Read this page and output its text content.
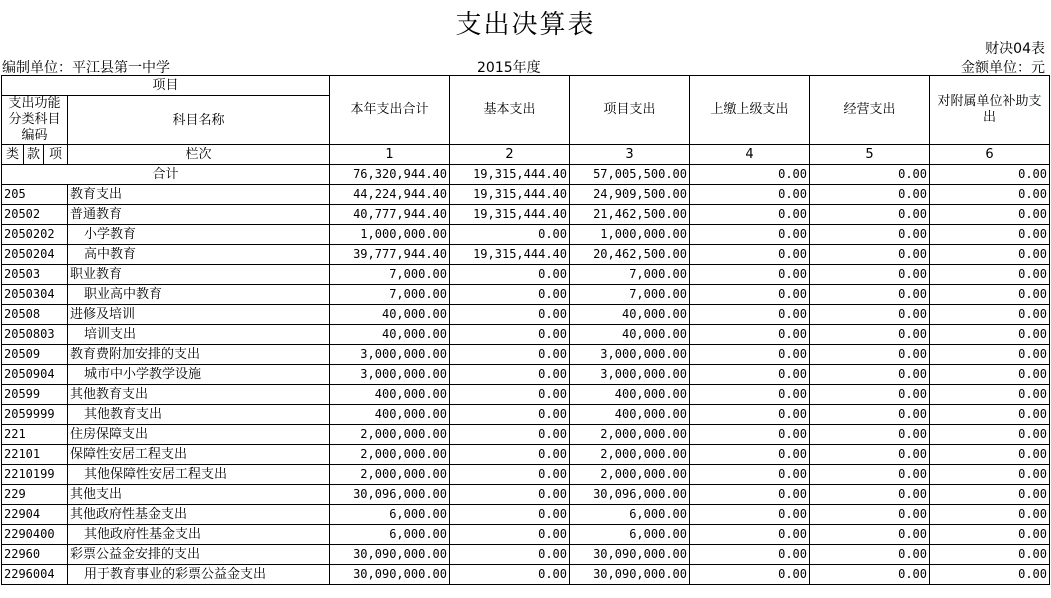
支出决算表
财决04表
编制单位：平江县第一中学	2015年度	金额单位：元
项目				本年支出合计	基本支出	项目支出	上缴上级支出	经营支出	对附属单位补助支出
支出功能分类科目编码			科目名称						

类	款	项	栏次	1	2	3	4	5	6
合计				76,320,944.40	19,315,444.40	57,005,500.00	0.00	0.00	0.00
205			教育支出	44,224,944.40	19,315,444.40	24,909,500.00	0.00	0.00	0.00
20502			普通教育	40,777,944.40	19,315,444.40	21,462,500.00	0.00	0.00	0.00
2050202			小学教育	1,000,000.00	0.00	1,000,000.00	0.00	0.00	0.00
2050204			高中教育	39,777,944.40	19,315,444.40	20,462,500.00	0.00	0.00	0.00
20503			职业教育	7,000.00	0.00	7,000.00	0.00	0.00	0.00
2050304			职业高中教育	7,000.00	0.00	7,000.00	0.00	0.00	0.00
20508			进修及培训	40,000.00	0.00	40,000.00	0.00	0.00	0.00
2050803			培训支出	40,000.00	0.00	40,000.00	0.00	0.00	0.00
20509			教育费附加安排的支出	3,000,000.00	0.00	3,000,000.00	0.00	0.00	0.00
2050904			城市中小学教学设施	3,000,000.00	0.00	3,000,000.00	0.00	0.00	0.00
20599			其他教育支出	400,000.00	0.00	400,000.00	0.00	0.00	0.00
2059999			其他教育支出	400,000.00	0.00	400,000.00	0.00	0.00	0.00
221			住房保障支出	2,000,000.00	0.00	2,000,000.00	0.00	0.00	0.00
22101			保障性安居工程支出	2,000,000.00	0.00	2,000,000.00	0.00	0.00	0.00
2210199			其他保障性安居工程支出	2,000,000.00	0.00	2,000,000.00	0.00	0.00	0.00
229			其他支出	30,096,000.00	0.00	30,096,000.00	0.00	0.00	0.00
22904			其他政府性基金支出	6,000.00	0.00	6,000.00	0.00	0.00	0.00
2290400			其他政府性基金支出	6,000.00	0.00	6,000.00	0.00	0.00	0.00
22960			彩票公益金安排的支出	30,090,000.00	0.00	30,090,000.00	0.00	0.00	0.00
2296004			用于教育事业的彩票公益金支出	30,090,000.00	0.00	30,090,000.00	0.00	0.00	0.00
